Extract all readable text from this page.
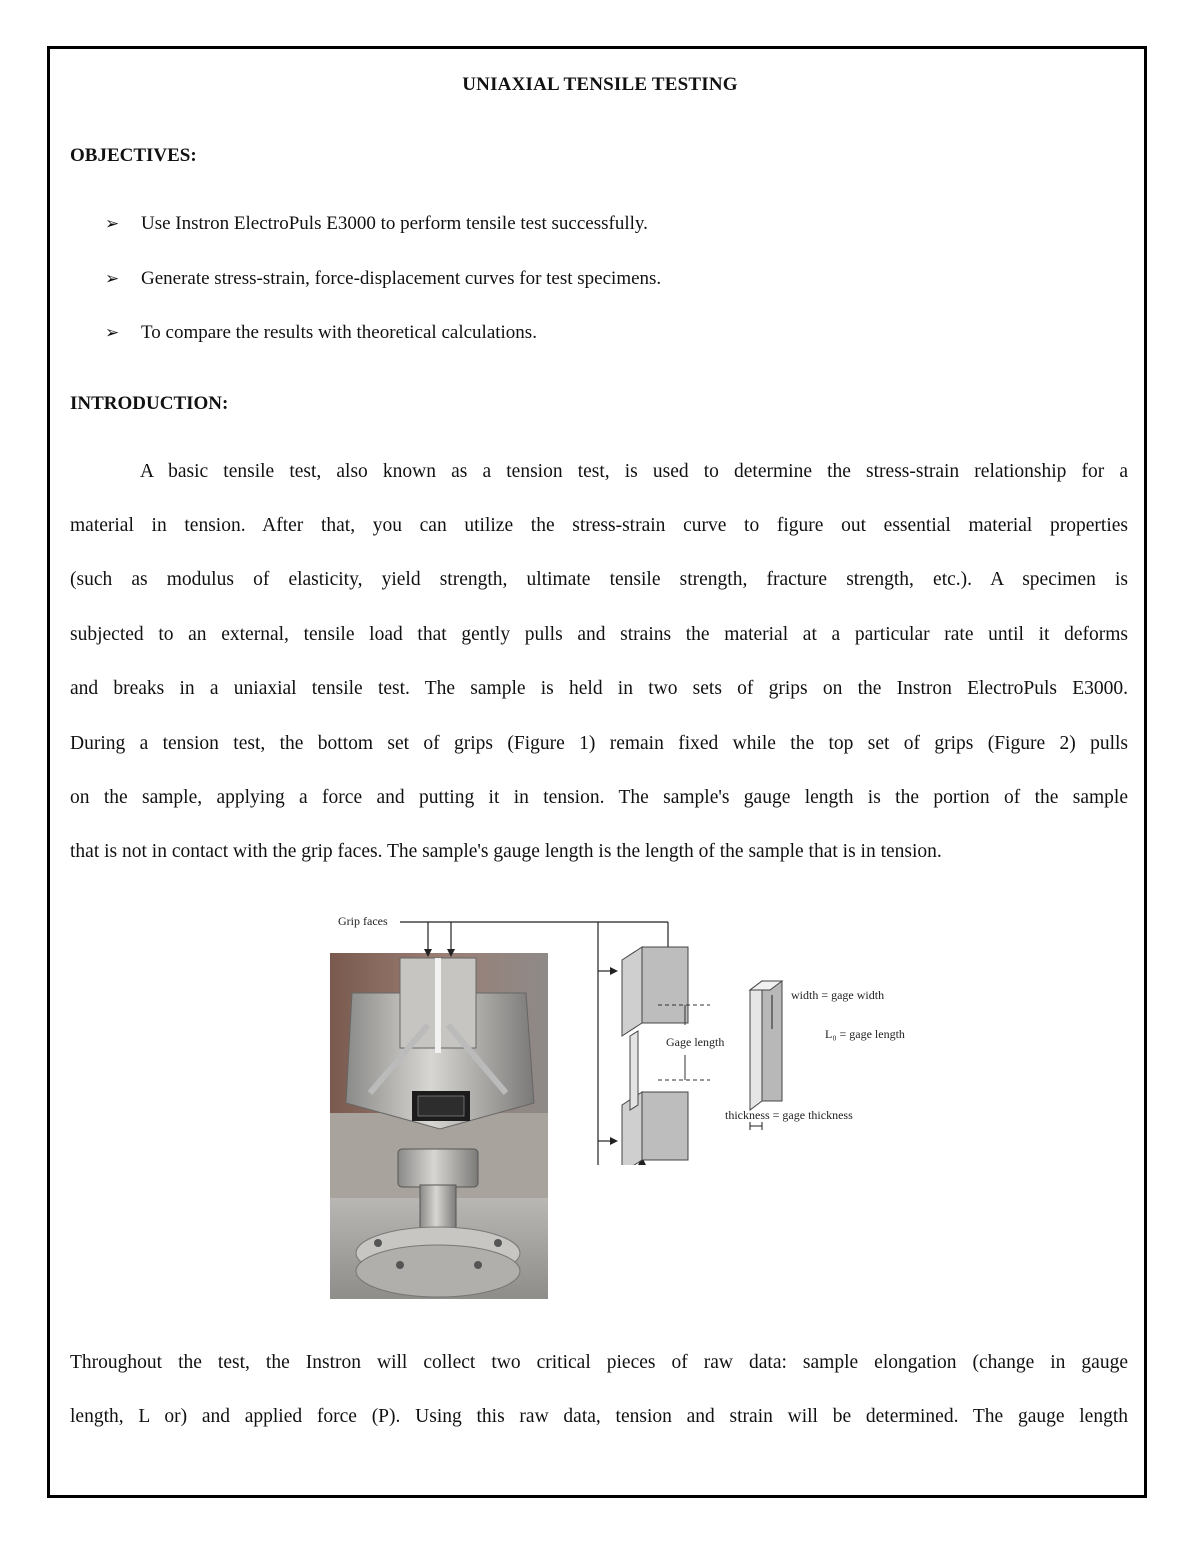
UNIAXIAL TENSILE TESTING
OBJECTIVES:
➢ Use Instron ElectroPuls E3000 to perform tensile test successfully.
➢ Generate stress-strain, force-displacement curves for test specimens.
➢ To compare the results with theoretical calculations.
INTRODUCTION:
A basic tensile test, also known as a tension test, is used to determine the stress-strain relationship for a
material in tension. After that, you can utilize the stress-strain curve to figure out essential material properties
(such as modulus of elasticity, yield strength, ultimate tensile strength, fracture strength, etc.). A specimen is
subjected to an external, tensile load that gently pulls and strains the material at a particular rate until it deforms
and breaks in a uniaxial tensile test. The sample is held in two sets of grips on the Instron ElectroPuls E3000.
During a tension test, the bottom set of grips (Figure 1) remain fixed while the top set of grips (Figure 2) pulls
on the sample, applying a force and putting it in tension. The sample's gauge length is the portion of the sample
that is not in contact with the grip faces. The sample's gauge length is the length of the sample that is in tension.
Grip faces
Gage length
width = gage width
L₀ = gage length
thickness = gage thickness
Throughout the test, the Instron will collect two critical pieces of raw data: sample elongation (change in gauge
length, L or) and applied force (P). Using this raw data, tension and strain will be determined. The gauge length
